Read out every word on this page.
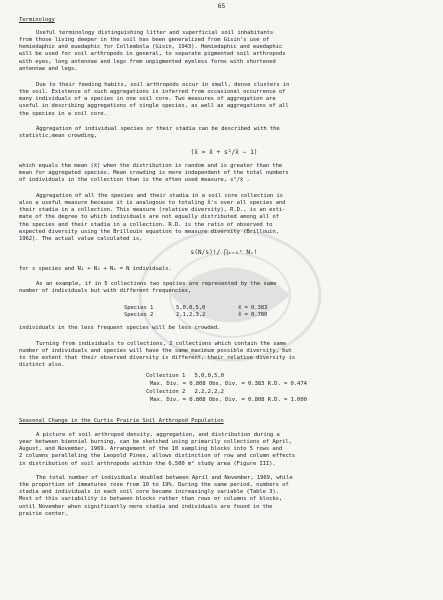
65
Terminology
Useful terminology distinguishing litter and superficial soil inhabitants
from those living deeper in the soil has been generalized from Gisin's use of
hemiedaphic and euedaphic for Collembola (Gisin, 1943). Hemiedaphic and euedaphic
will be used for soil arthropods in general, to separate pigmented soil arthropods
with eyes, long antennae and legs from unpigmented eyeless forms with shortened
antennae and legs.
Due to their feeding habits, soil arthropods occur in small, dense clusters in
the soil. Existence of such aggregations is inferred from occasional occurrence of
many individuals of a species in one soil core. Two measures of aggregation are
useful in describing aggregations of single species, as well as aggregations of all
the species in a soil core.
Aggregation of individual species or their stadia can be described with the
statistic,mean crowding,
(x̊ = x̄ + s²/x̄ − 1)
which equals the mean (x̄) when the distribution is random and is greater than the
mean for aggregated species. Mean crowding is more independent of the total numbers
of individuals in the collection than is the often used measure, s²/x̄ .
Aggregation of all the species and their stadia in a soil core collection is
also a useful measure because it is analogous to totaling x̊'s over all species and
their stadia in a collection. This measure (relative diversity), R.D., is an esti-
mate of the degree to which individuals are not equally distributed among all of
the species and their stadia in a collection. R.D. is the ratio of observed to
expected diversity using the Brillouin equation to measure diversity (Brillouin,
1962). The actual value calculated is,
s(N/s)!/ ∏ᵢ₌₁ˢ Nᵢ!
for s species and N₁ + N₂ + Nₛ = N individuals.
As an example, if in 5 collections two species are represented by the same
number of individuals but with different frequencies,
Species 1	5,0,0,5,0	x̊ = 0.383
Species 2	2,1,2,3,2	x̊ = 0.780
individuals in the less frequent species will be less crowded.
Turning from individuals to collections, 2 collections which contain the same
number of individuals and species will have the same maximum possible diversity, but
to the extent that their observed diversity is different, their relative diversity is
distinct also.
Collection 1 5,0,0,5,0
Max. Div. = 0.808 Obs. Div. = 0.383 R.D. = 0.474
Collection 2 2,2,2,2,2
Max. Div. = 0.808 Obs. Div. = 0.808 R.D. = 1.000
Seasonal Change in the Curtis Prairie Soil Arthropod Population
A picture of soil arthropod density, aggregation, and distribution during a
year between biennial burning, can be sketched using primarily collections of April,
August, and November, 1969. Arrangement of the 10 sampling blocks into 5 rows and
2 columns paralleling the Leopold Pines, allows distinction of row and column effects
in distribution of soil arthropods within the 6,500 m² study area (Figure III).
The total number of individuals doubled between April and November, 1969, while
the proportion of immatures rose from 10 to 19%. During the same period, numbers of
stadia and individuals in each soil core became increasingly variable (Table 3).
Most of this variability is between blocks rather than rows or columns of blocks,
until November when significantly more stadia and individuals are found in the
prairie center.
